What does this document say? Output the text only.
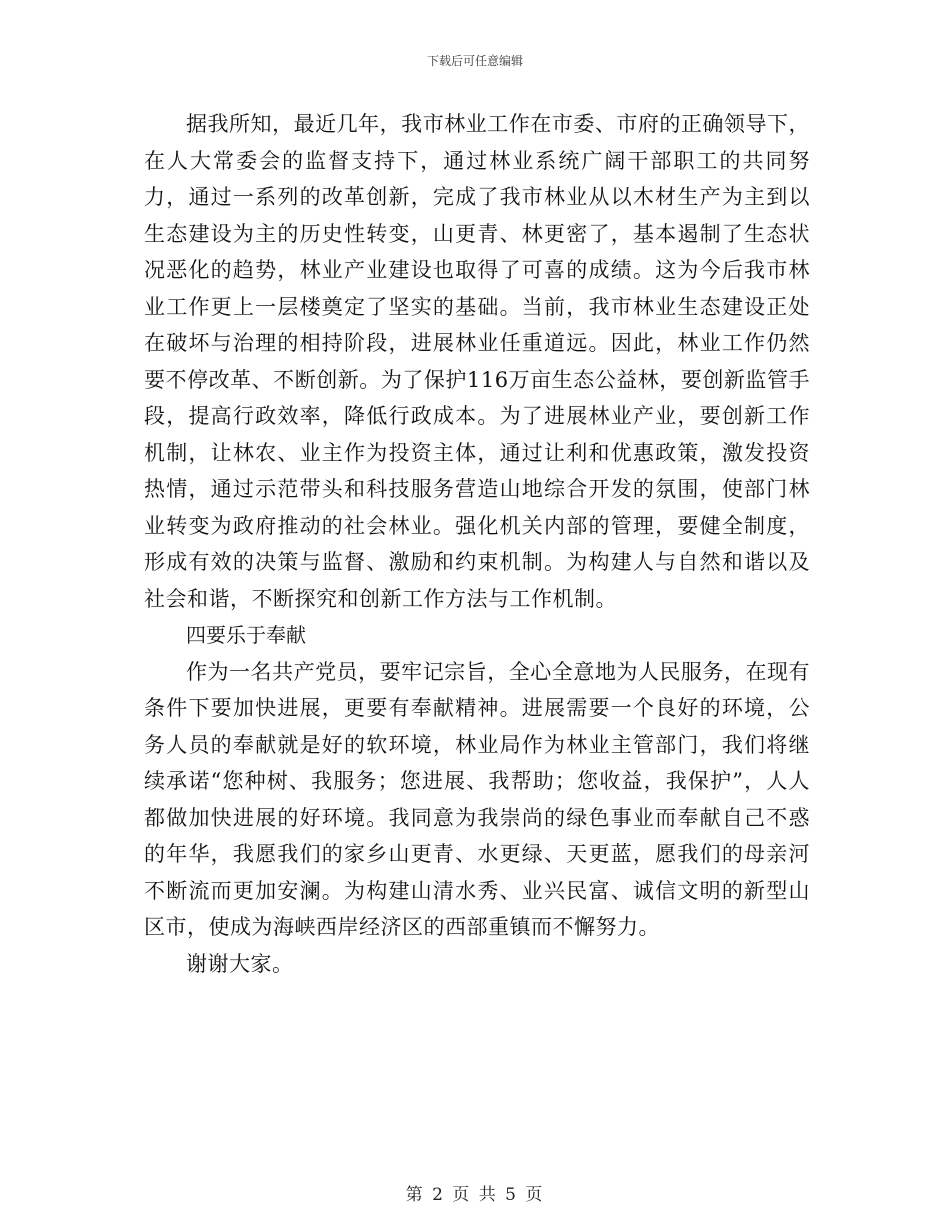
下载后可任意编辑

据我所知，最近几年，我市林业工作在市委、市府的正确领导下，在人大常委会的监督支持下，通过林业系统广阔干部职工的共同努力，通过一系列的改革创新，完成了我市林业从以木材生产为主到以生态建设为主的历史性转变，山更青、林更密了，基本遏制了生态状况恶化的趋势，林业产业建设也取得了可喜的成绩。这为今后我市林业工作更上一层楼奠定了坚实的基础。当前，我市林业生态建设正处在破坏与治理的相持阶段，进展林业任重道远。因此，林业工作仍然要不停改革、不断创新。为了保护116万亩生态公益林，要创新监管手段，提高行政效率，降低行政成本。为了进展林业产业，要创新工作机制，让林农、业主作为投资主体，通过让利和优惠政策，激发投资热情，通过示范带头和科技服务营造山地综合开发的氛围，使部门林业转变为政府推动的社会林业。强化机关内部的管理，要健全制度，形成有效的决策与监督、激励和约束机制。为构建人与自然和谐以及社会和谐，不断探究和创新工作方法与工作机制。

四要乐于奉献

作为一名共产党员，要牢记宗旨，全心全意地为人民服务，在现有条件下要加快进展，更要有奉献精神。进展需要一个良好的环境，公务人员的奉献就是好的软环境，林业局作为林业主管部门，我们将继续承诺“您种树、我服务；您进展、我帮助；您收益，我保护”，人人都做加快进展的好环境。我同意为我崇尚的绿色事业而奉献自己不惑的年华，我愿我们的家乡山更青、水更绿、天更蓝，愿我们的母亲河不断流而更加安澜。为构建山清水秀、业兴民富、诚信文明的新型山区市，使成为海峡西岸经济区的西部重镇而不懈努力。

谢谢大家。

第 2 页 共 5 页
